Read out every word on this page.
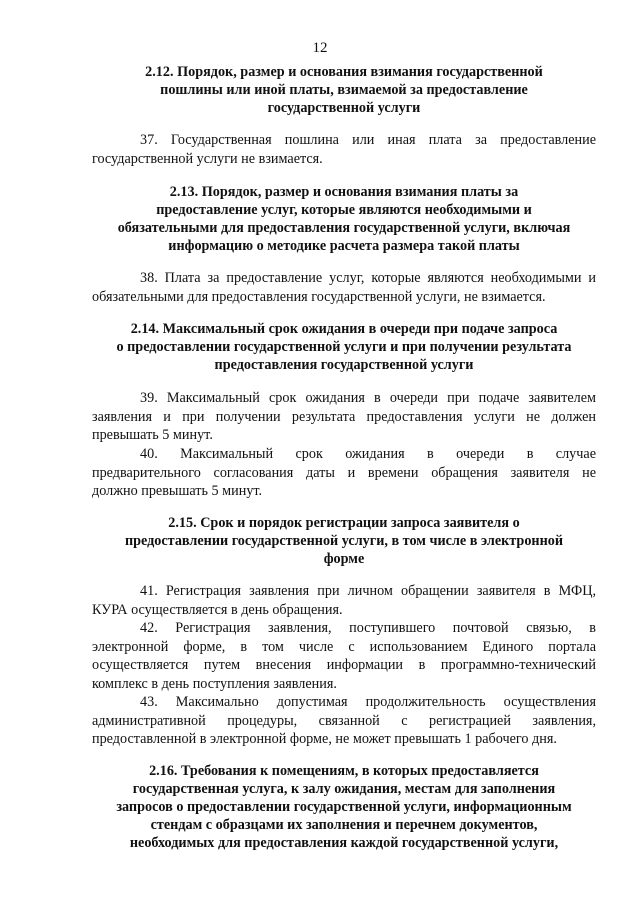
12
2.12. Порядок, размер и основания взимания государственной
пошлины или иной платы, взимаемой за предоставление
государственной услуги
37. Государственная пошлина или иная плата за предоставление
государственной услуги не взимается.
2.13. Порядок, размер и основания взимания платы за
предоставление услуг, которые являются необходимыми и
обязательными для предоставления государственной услуги, включая
информацию о методике расчета размера такой платы
38. Плата за предоставление услуг, которые являются необходимыми и
обязательными для предоставления государственной услуги, не взимается.
2.14. Максимальный срок ожидания в очереди при подаче запроса
о предоставлении государственной услуги и при получении результата
предоставления государственной услуги
39. Максимальный срок ожидания в очереди при подаче заявителем
заявления и при получении результата предоставления услуги не должен
превышать 5 минут.
40. Максимальный срок ожидания в очереди в случае
предварительного согласования даты и времени обращения заявителя не
должно превышать 5 минут.
2.15. Срок и порядок регистрации запроса заявителя о
предоставлении государственной услуги, в том числе в электронной
форме
41. Регистрация заявления при личном обращении заявителя в МФЦ,
КУРА осуществляется в день обращения.
42. Регистрация заявления, поступившего почтовой связью, в
электронной форме, в том числе с использованием Единого портала
осуществляется путем внесения информации в программно-технический
комплекс в день поступления заявления.
43. Максимально допустимая продолжительность осуществления
административной процедуры, связанной с регистрацией заявления,
предоставленной в электронной форме, не может превышать 1 рабочего дня.
2.16. Требования к помещениям, в которых предоставляется
государственная услуга, к залу ожидания, местам для заполнения
запросов о предоставлении государственной услуги, информационным
стендам с образцами их заполнения и перечнем документов,
необходимых для предоставления каждой государственной услуги,
